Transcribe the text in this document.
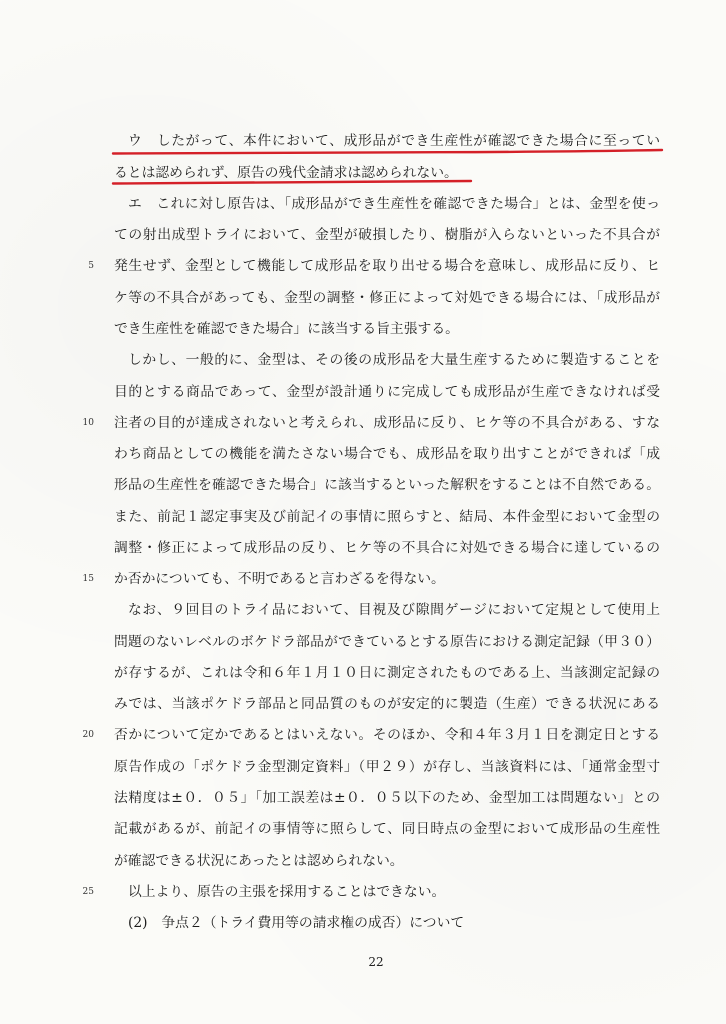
ウ　したがって、本件において、成形品ができ生産性が確認できた場合に至ってい
るとは認められず、原告の残代金請求は認められない。
エ　これに対し原告は、「成形品ができ生産性を確認できた場合」とは、金型を使っ
ての射出成型トライにおいて、金型が破損したり、樹脂が入らないといった不具合が
5 発生せず、金型として機能して成形品を取り出せる場合を意味し、成形品に反り、ヒ
ケ等の不具合があっても、金型の調整・修正によって対処できる場合には、「成形品が
でき生産性を確認できた場合」に該当する旨主張する。
しかし、一般的に、金型は、その後の成形品を大量生産するために製造することを
目的とする商品であって、金型が設計通りに完成しても成形品が生産できなければ受
10 注者の目的が達成されないと考えられ、成形品に反り、ヒケ等の不具合がある、すな
わち商品としての機能を満たさない場合でも、成形品を取り出すことができれば「成
形品の生産性を確認できた場合」に該当するといった解釈をすることは不自然である。
また、前記１認定事実及び前記イの事情に照らすと、結局、本件金型において金型の
調整・修正によって成形品の反り、ヒケ等の不具合に対処できる場合に達しているの
15 か否かについても、不明であると言わざるを得ない。
なお、９回目のトライ品において、目視及び隙間ゲージにおいて定規として使用上
問題のないレベルのボケドラ部品ができているとする原告における測定記録（甲３０）
が存するが、これは令和６年１月１０日に測定されたものである上、当該測定記録の
みでは、当該ポケドラ部品と同品質のものが安定的に製造（生産）できる状況にある
20 否かについて定かであるとはいえない。そのほか、令和４年３月１日を測定日とする
原告作成の「ポケドラ金型測定資料」（甲２９）が存し、当該資料には、「通常金型寸
法精度は±０．０５」「加工誤差は±０．０５以下のため、金型加工は問題ない」との
記載があるが、前記イの事情等に照らして、同日時点の金型において成形品の生産性
が確認できる状況にあったとは認められない。
25 以上より、原告の主張を採用することはできない。
(2)　争点２（トライ費用等の請求権の成否）について
22
